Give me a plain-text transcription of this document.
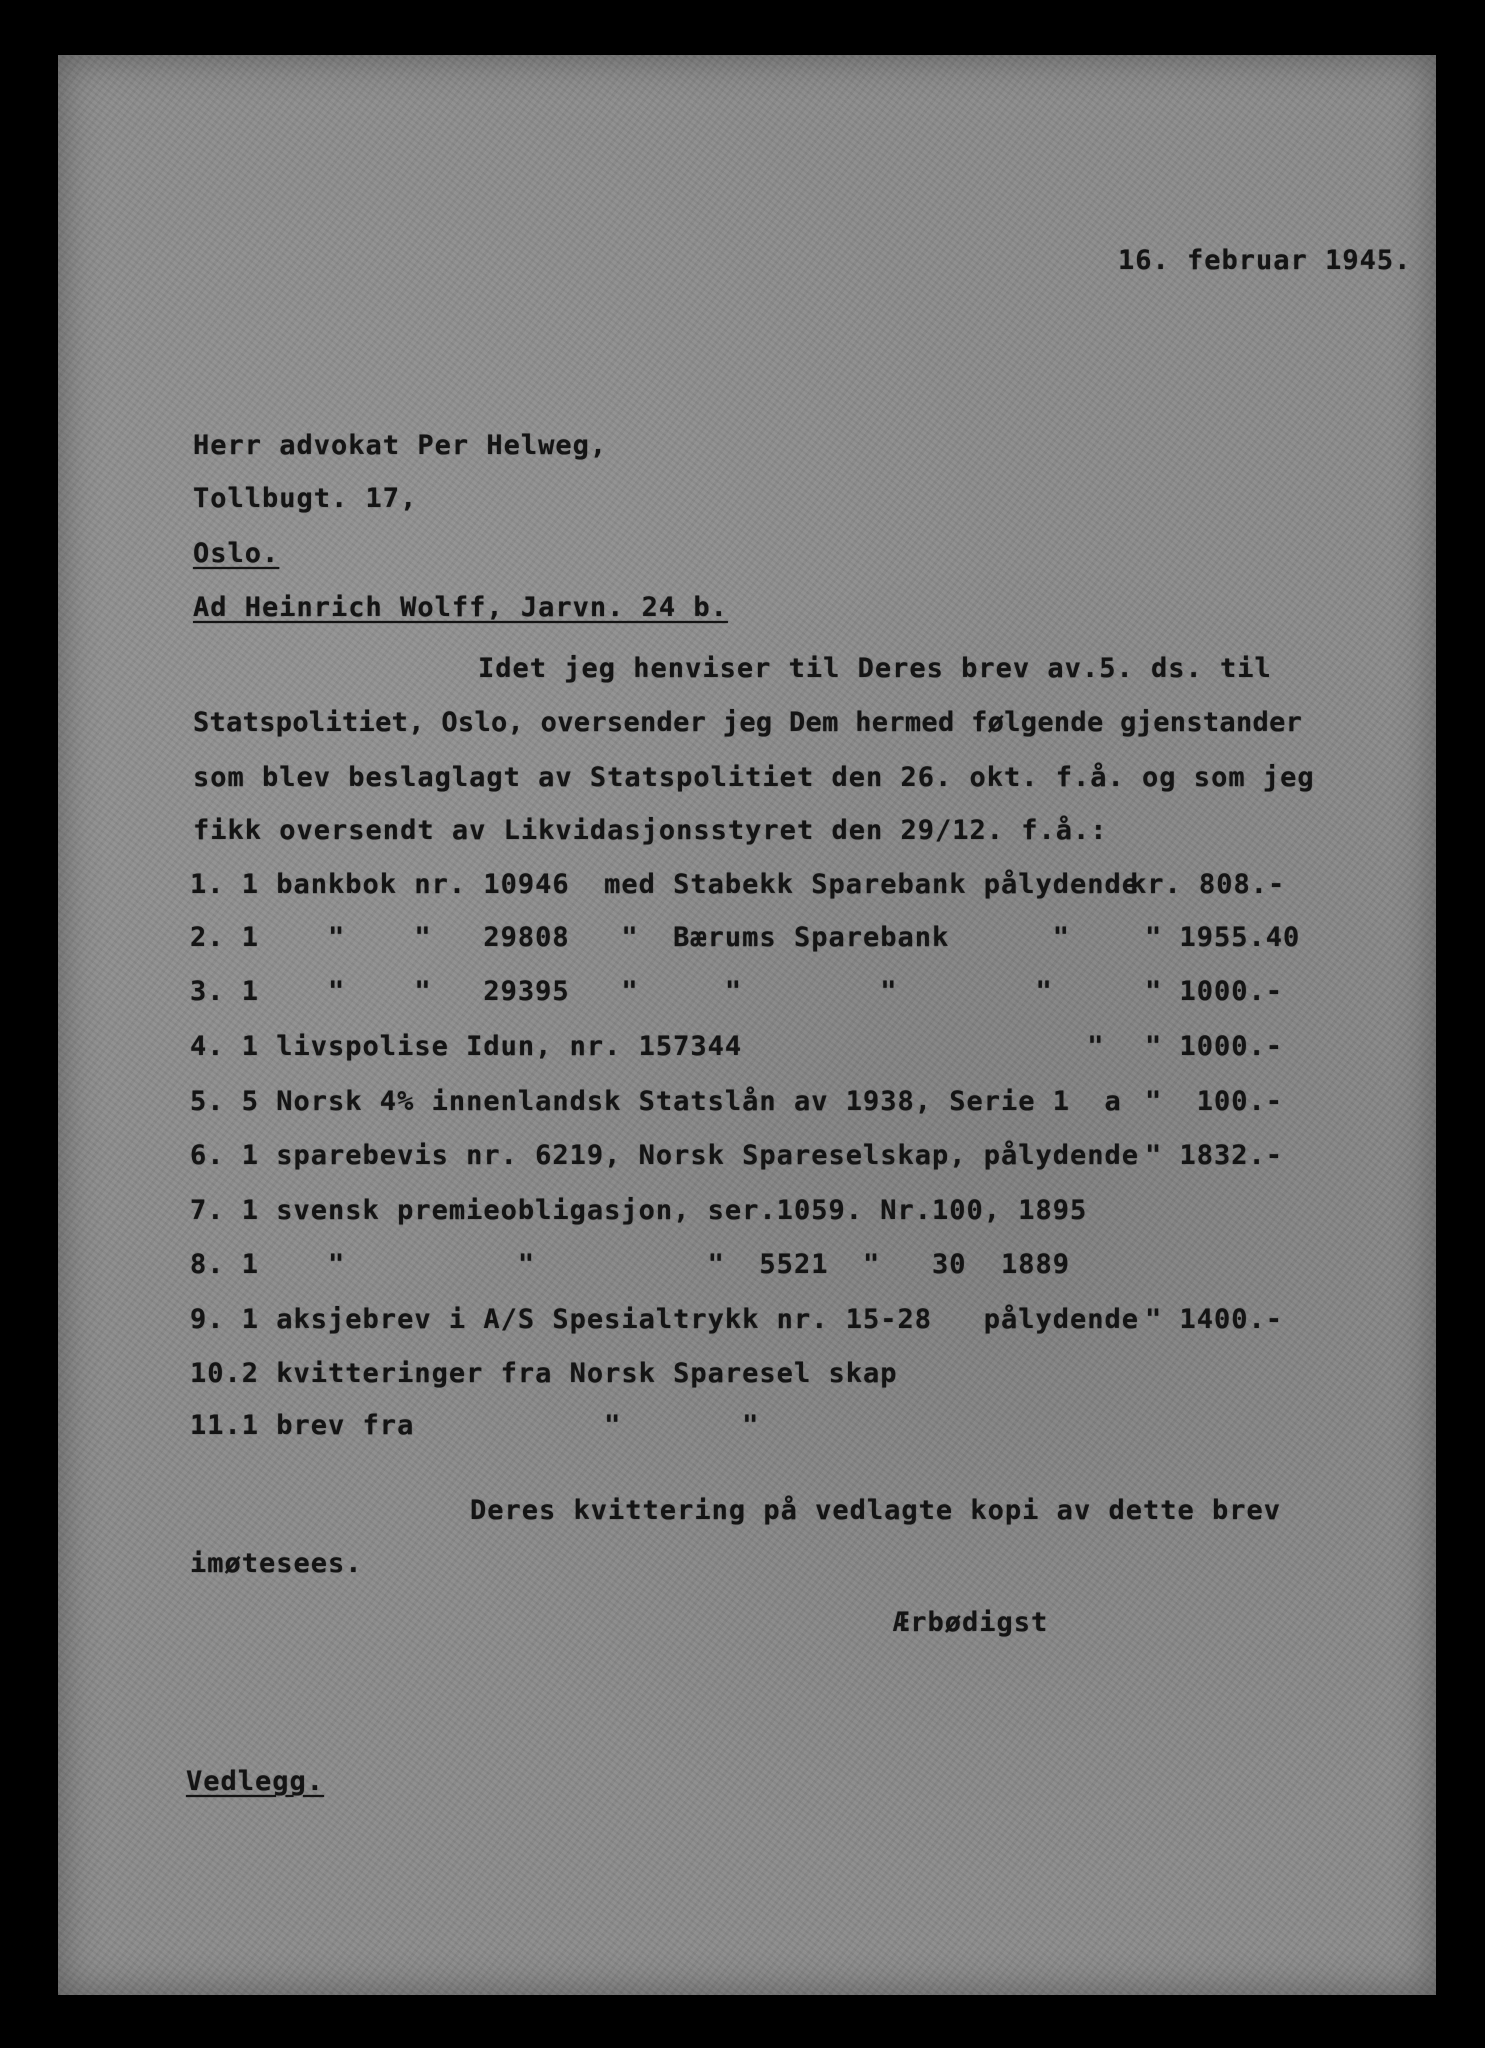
16. februar 1945.
Herr advokat Per Helweg,
Tollbugt. 17,
Oslo.
Ad Heinrich Wolff, Jarvn. 24 b.
Idet jeg henviser til Deres brev av.5. ds. til
Statspolitiet, Oslo, oversender jeg Dem hermed følgende gjenstander
som blev beslaglagt av Statspolitiet den 26. okt. f.å. og som jeg
fikk oversendt av Likvidasjonsstyret den 29/12. f.å.:
1. 1 bankbok nr. 10946  med Stabekk Sparebank pålydende
kr. 808.-
2. 1    "    "   29808   "  Bærums Sparebank      "	" 1955.40
3. 1    "    "   29395   "     "        "        "	" 1000.-
4. 1 livspolise Idun, nr. 157344                    " " 1000.-
5. 5 Norsk 4% innenlandsk Statslån av 1938, Serie 1  a "  100.-
6. 1 sparebevis nr. 6219, Norsk Spareselskap, pålydende " 1832.-
7. 1 svensk premieobligasjon, ser.1059. Nr.100, 1895
8. 1    "          "          "  5521  "   30  1889
9. 1 aksjebrev i A/S Spesialtrykk nr. 15-28   pålydende " 1400.-
10.2 kvitteringer fra Norsk Sparesel skap
11.1 brev fra           "       "
Deres kvittering på vedlagte kopi av dette brev
imøtesees.
Ærbødigst
Vedlegg.
